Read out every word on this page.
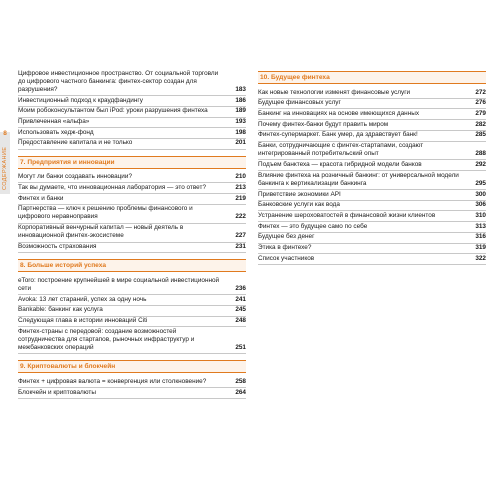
8
СОДЕРЖАНИЕ
Цифровое инвестиционное пространство. От социальной торговли до цифрового частного банкинга: финтех-сектор создан для разрушения?	183
Инвестиционный подход к краудфандингу	186
Моим робоконсультантом был iPod: уроки разрушения финтеха	189
Привлеченная «альфа»	193
Использовать хедж-фонд	198
Предоставление капитала и не только	201
7. Предприятия и инновации
Могут ли банки создавать инновации?	210
Так вы думаете, что инновационная лаборатория — это ответ?	213
Финтех и банки	219
Партнерства — ключ к решению проблемы финансового и цифрового неравноправия	222
Корпоративный венчурный капитал — новый деятель в инновационной финтех-экосистеме	227
Возможность страхования	231
8. Больше историй успеха
eToro: построение крупнейшей в мире социальной инвестиционной сети	236
Avoka: 13 лет стараний, успех за одну ночь	241
Bankable: банкинг как услуга	245
Следующая глава в истории инноваций Citi	248
Финтех-страны с передовой: создание возможностей сотрудничества для стартапов, рыночных инфраструктур и межбанковских операций	251
9. Криптовалюты и блокчейн
Финтех + цифровая валюта = конвергенция или столкновение?	258
Блокчейн и криптовалюты	264
10. Будущее финтеха
Как новые технологии изменят финансовые услуги	272
Будущее финансовых услуг	276
Банкинг на инновациях на основе имеющихся данных	279
Почему финтех-банки будут править миром	282
Финтех-супермаркет. Банк умер, да здравствует банк!	285
Банки, сотрудничающие с финтех-стартапами, создают интегрированный потребительский опыт	288
Подъем банктеха — красота гибридной модели банков	292
Влияние финтеха на розничный банкинг: от универсальной модели банкинга к вертикализации банкинга	295
Приветствие экономики API	300
Банковские услуги как вода	306
Устранение шероховатостей в финансовой жизни клиентов	310
Финтех — это будущее само по себе	313
Будущее без денег	316
Этика в финтехе?	319
Список участников	322
